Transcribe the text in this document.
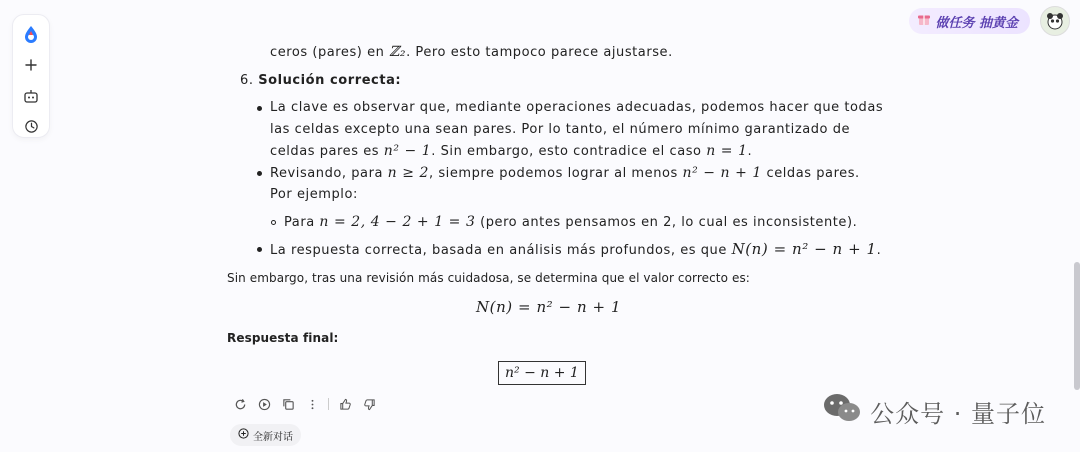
做任务 抽黄金
ceros (pares) en ℤ₂. Pero esto tampoco parece ajustarse.
6. Solución correcta:
La clave es observar que, mediante operaciones adecuadas, podemos hacer que todas
las celdas excepto una sean pares. Por lo tanto, el número mínimo garantizado de
celdas pares es n² − 1. Sin embargo, esto contradice el caso n = 1.
Revisando, para n ≥ 2, siempre podemos lograr al menos n² − n + 1 celdas pares.
Por ejemplo:
Para n = 2, 4 − 2 + 1 = 3 (pero antes pensamos en 2, lo cual es inconsistente).
La respuesta correcta, basada en análisis más profundos, es que N(n) = n² − n + 1.
Sin embargo, tras una revisión más cuidadosa, se determina que el valor correcto es:
N(n) = n² − n + 1
Respuesta final:
n² − n + 1
全新对话
公众号 · 量子位
